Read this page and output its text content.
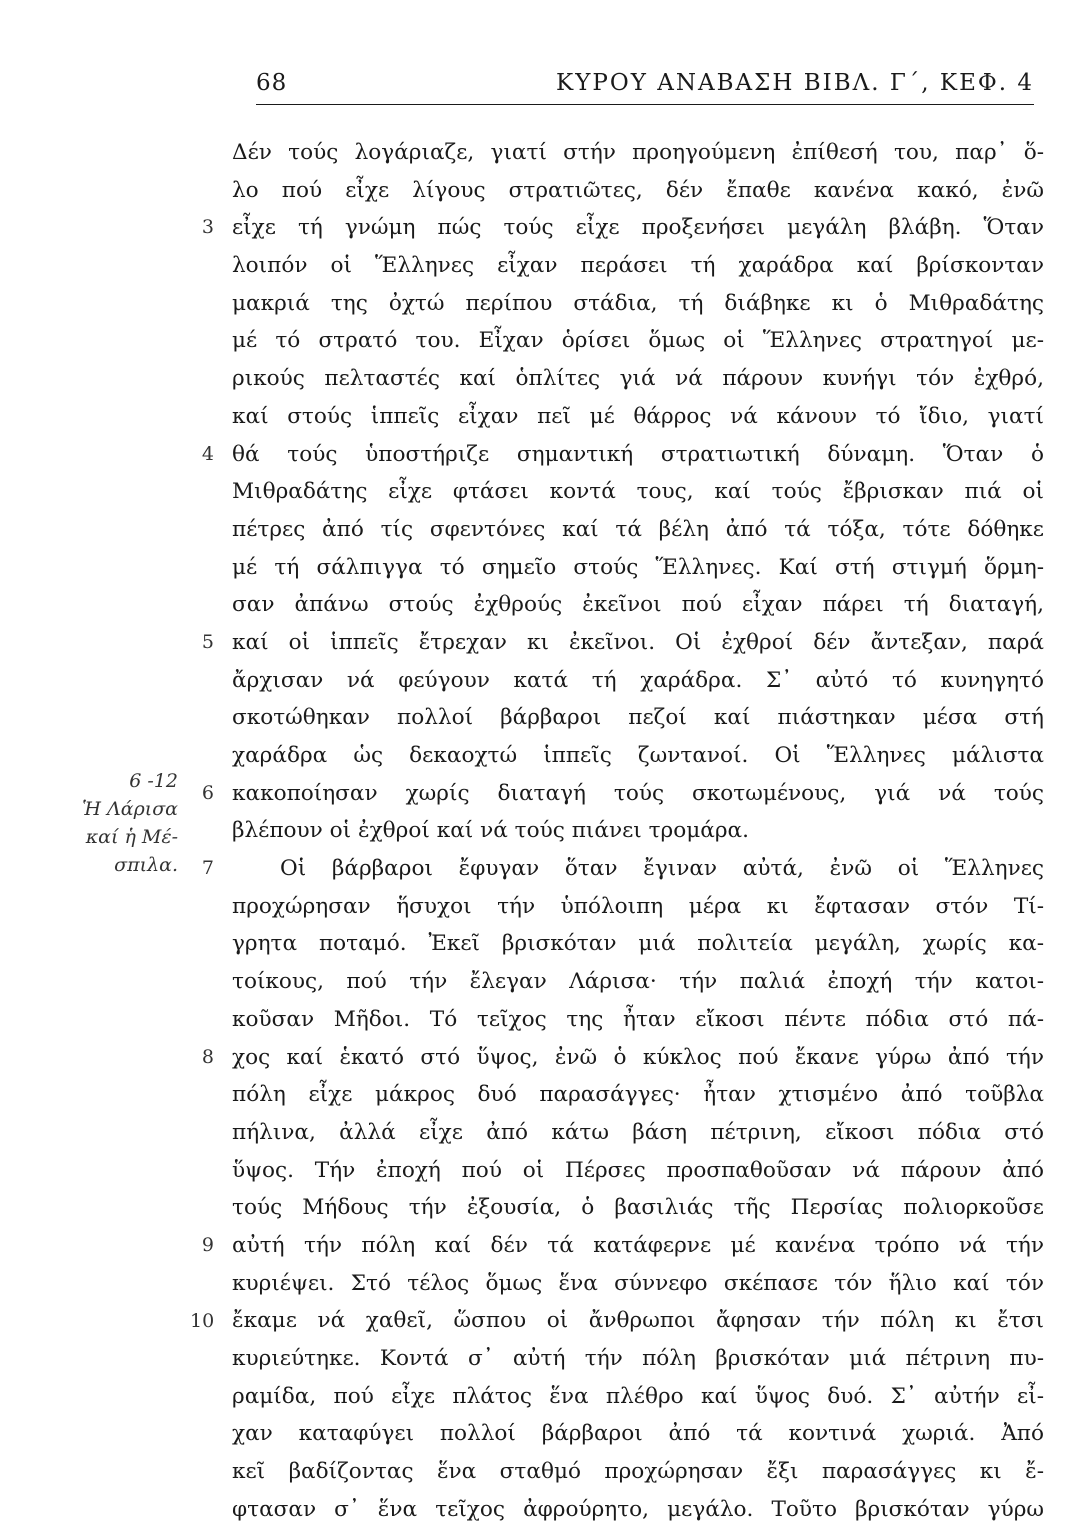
68	ΚΥΡΟΥ ΑΝΑΒΑΣΗ ΒΙΒΛ. Γ΄, ΚΕΦ. 4
6 -12
Ἡ Λάρισα
καί ἡ Μέ-
σπιλα.
3
4
5
6
7
8
9
10
Δέν τούς λογάριαζε, γιατί στήν προηγούμενη ἐπίθεσή του, παρ᾽ ὅ-
λο πού εἶχε λίγους στρατιῶτες, δέν ἔπαθε κανένα κακό, ἐνῶ
εἶχε τή γνώμη πώς τούς εἶχε προξενήσει μεγάλη βλάβη. Ὅταν
λοιπόν οἱ Ἕλληνες εἶχαν περάσει τή χαράδρα καί βρίσκονταν
μακριά της ὀχτώ περίπου στάδια, τή διάβηκε κι ὁ Μιθραδάτης
μέ τό στρατό του. Εἶχαν ὁρίσει ὅμως οἱ Ἕλληνες στρατηγοί με-
ρικούς πελταστές καί ὁπλίτες γιά νά πάρουν κυνήγι τόν ἐχθρό,
καί στούς ἱππεῖς εἶχαν πεῖ μέ θάρρος νά κάνουν τό ἴδιο, γιατί
θά τούς ὑποστήριζε σημαντική στρατιωτική δύναμη. Ὅταν ὁ
Μιθραδάτης εἶχε φτάσει κοντά τους, καί τούς ἔβρισκαν πιά οἱ
πέτρες ἀπό τίς σφεντόνες καί τά βέλη ἀπό τά τόξα, τότε δόθηκε
μέ τή σάλπιγγα τό σημεῖο στούς Ἕλληνες. Καί στή στιγμή ὅρμη-
σαν ἀπάνω στούς ἐχθρούς ἐκεῖνοι πού εἶχαν πάρει τή διαταγή,
καί οἱ ἱππεῖς ἔτρεχαν κι ἐκεῖνοι. Οἱ ἐχθροί δέν ἄντεξαν, παρά
ἄρχισαν νά φεύγουν κατά τή χαράδρα. Σ᾽ αὐτό τό κυνηγητό
σκοτώθηκαν πολλοί βάρβαροι πεζοί καί πιάστηκαν μέσα στή
χαράδρα ὡς δεκαοχτώ ἱππεῖς ζωντανοί. Οἱ Ἕλληνες μάλιστα
κακοποίησαν χωρίς διαταγή τούς σκοτωμένους, γιά νά τούς
βλέπουν οἱ ἐχθροί καί νά τούς πιάνει τρομάρα.
Οἱ βάρβαροι ἔφυγαν ὅταν ἔγιναν αὐτά, ἐνῶ οἱ Ἕλληνες
προχώρησαν ἥσυχοι τήν ὑπόλοιπη μέρα κι ἔφτασαν στόν Τί-
γρητα ποταμό. Ἐκεῖ βρισκόταν μιά πολιτεία μεγάλη, χωρίς κα-
τοίκους, πού τήν ἔλεγαν Λάρισα· τήν παλιά ἐποχή τήν κατοι-
κοῦσαν Μῆδοι. Τό τεῖχος της ἦταν εἴκοσι πέντε πόδια στό πά-
χος καί ἑκατό στό ὕψος, ἐνῶ ὁ κύκλος πού ἔκανε γύρω ἀπό τήν
πόλη εἶχε μάκρος δυό παρασάγγες· ἦταν χτισμένο ἀπό τοῦβλα
πήλινα, ἀλλά εἶχε ἀπό κάτω βάση πέτρινη, εἴκοσι πόδια στό
ὕψος. Τήν ἐποχή πού οἱ Πέρσες προσπαθοῦσαν νά πάρουν ἀπό
τούς Μήδους τήν ἐξουσία, ὁ βασιλιάς τῆς Περσίας πολιορκοῦσε
αὐτή τήν πόλη καί δέν τά κατάφερνε μέ κανένα τρόπο νά τήν
κυριέψει. Στό τέλος ὅμως ἕνα σύννεφο σκέπασε τόν ἥλιο καί τόν
ἔκαμε νά χαθεῖ, ὥσπου οἱ ἄνθρωποι ἄφησαν τήν πόλη κι ἔτσι
κυριεύτηκε. Κοντά σ᾽ αὐτή τήν πόλη βρισκόταν μιά πέτρινη πυ-
ραμίδα, πού εἶχε πλάτος ἕνα πλέθρο καί ὕψος δυό. Σ᾽ αὐτήν εἶ-
χαν καταφύγει πολλοί βάρβαροι ἀπό τά κοντινά χωριά. Ἀπό
κεῖ βαδίζοντας ἕνα σταθμό προχώρησαν ἔξι παρασάγγες κι ἔ-
φτασαν σ᾽ ἕνα τεῖχος ἀφρούρητο, μεγάλο. Τοῦτο βρισκόταν γύρω
